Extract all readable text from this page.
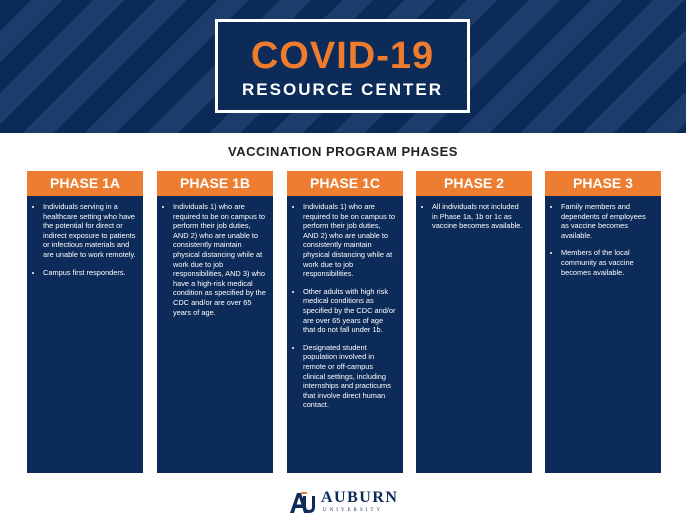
COVID-19
RESOURCE CENTER
VACCINATION PROGRAM PHASES
PHASE 1A
• Individuals serving in a healthcare setting who have the potential for direct or indirect exposure to patients or infectious materials and are unable to work remotely.
• Campus first responders.
PHASE 1B
• Individuals 1) who are required to be on campus to perform their job duties, AND 2) who are unable to consistently maintain physical distancing while at work due to job responsibilities, AND 3) who have a high-risk medical condition as specified by the CDC and/or are over 65 years of age.
PHASE 1C
• Individuals 1) who are required to be on campus to perform their job duties, AND 2) who are unable to consistently maintain physical distancing while at work due to job responsibilities.
• Other adults with high risk medical conditions as specified by the CDC and/or are over 65 years of age that do not fall under 1b.
• Designated student population involved in remote or off-campus clinical settings, including internships and practicums that involve direct human contact.
PHASE 2
• All individuals not included in Phase 1a, 1b or 1c as vaccine becomes available.
PHASE 3
• Family members and dependents of employees as vaccine becomes available.
• Members of the local community as vaccine becomes available.
AUBURN
UNIVERSITY
